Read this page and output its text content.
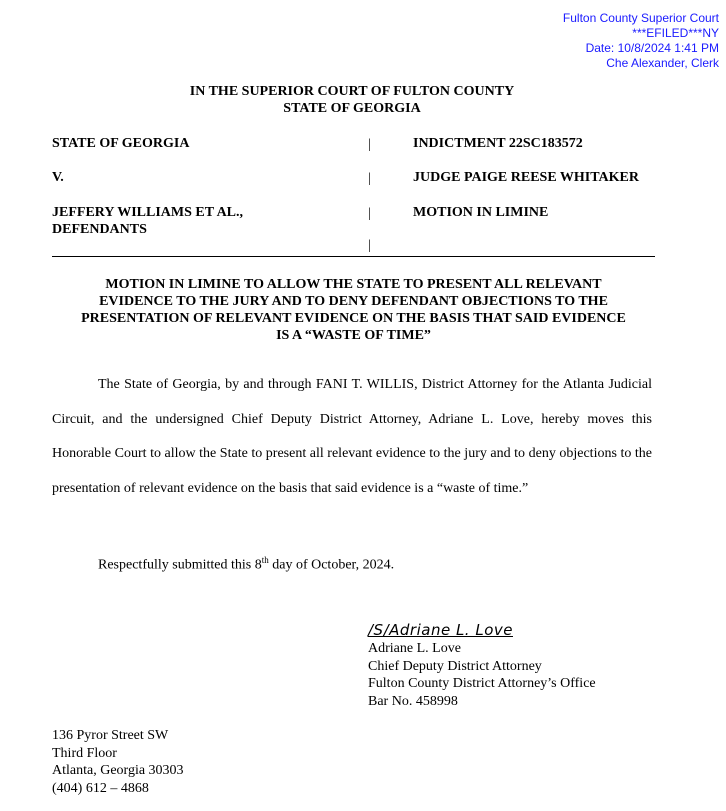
Fulton County Superior Court
***EFILED***NY
Date: 10/8/2024 1:41 PM
Che Alexander, Clerk
IN THE SUPERIOR COURT OF FULTON COUNTY
STATE OF GEORGIA
STATE OF GEORGIA	|	INDICTMENT 22SC183572
V.	|	JUDGE PAIGE REESE WHITAKER
JEFFERY WILLIAMS ET AL.,	|	MOTION IN LIMINE
DEFENDANTS
|
MOTION IN LIMINE TO ALLOW THE STATE TO PRESENT ALL RELEVANT
EVIDENCE TO THE JURY AND TO DENY DEFENDANT OBJECTIONS TO THE
PRESENTATION OF RELEVANT EVIDENCE ON THE BASIS THAT SAID EVIDENCE
IS A “WASTE OF TIME”
The State of Georgia, by and through FANI T. WILLIS, District Attorney for the Atlanta Judicial Circuit, and the undersigned Chief Deputy District Attorney, Adriane L. Love, hereby moves this Honorable Court to allow the State to present all relevant evidence to the jury and to deny objections to the presentation of relevant evidence on the basis that said evidence is a “waste of time.”
Respectfully submitted this 8th day of October, 2024.
/S/Adriane L. Love
Adriane L. Love
Chief Deputy District Attorney
Fulton County District Attorney’s Office
Bar No. 458998
136 Pyror Street SW
Third Floor
Atlanta, Georgia 30303
(404) 612 – 4868
